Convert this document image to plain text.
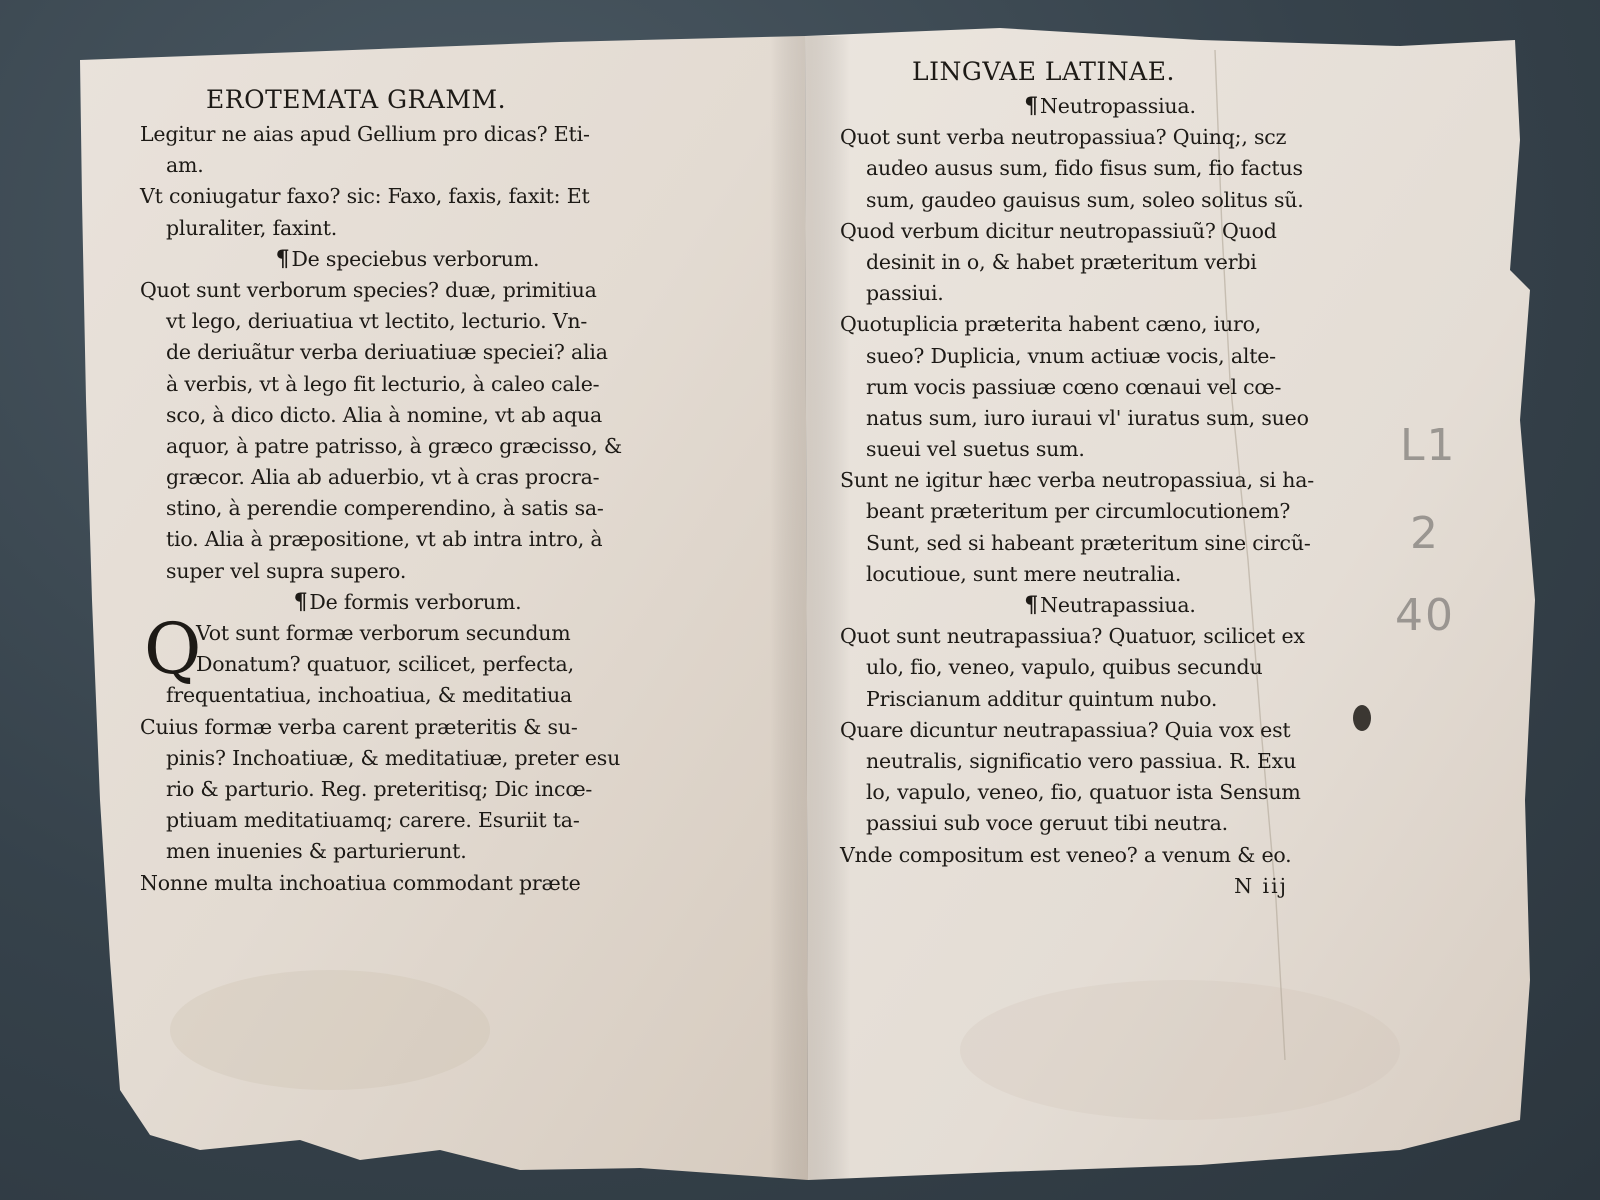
EROTEMATA GRAMM.
Legitur ne aias apud Gellium pro dicas? Eti-
am.
Vt coniugatur faxo? sic: Faxo, faxis, faxit: Et
pluraliter, faxint.
¶De speciebus verborum.
Quot sunt verborum species? duæ, primitiua
vt lego, deriuatiua vt lectito, lecturio. Vn-
de deriuãtur verba deriuatiuæ speciei? alia
à verbis, vt à lego fit lecturio, à caleo cale-
sco, à dico dicto. Alia à nomine, vt ab aqua
aquor, à patre patrisso, à græco græcisso, &
græcor. Alia ab aduerbio, vt à cras procra-
stino, à perendie comperendino, à satis sa-
tio. Alia à præpositione, vt ab intra intro, à
super vel supra supero.
¶De formis verborum.
Q
Vot sunt formæ verborum secundum
Donatum? quatuor, scilicet, perfecta,
frequentatiua, inchoatiua, & meditatiua
Cuius formæ verba carent præteritis & su-
pinis? Inchoatiuæ, & meditatiuæ, preter esu
rio & parturio. Reg. preteritisq; Dic incœ-
ptiuam meditatiuamq; carere. Esuriit ta-
men inuenies & parturierunt.
Nonne multa inchoatiua commodant præte
LINGVAE LATINAE.
¶Neutropassiua.
Quot sunt verba neutropassiua? Quinq;, scz
audeo ausus sum, fido fisus sum, fio factus
sum, gaudeo gauisus sum, soleo solitus sũ.
Quod verbum dicitur neutropassiuũ? Quod
desinit in o, & habet præteritum verbi
passiui.
Quotuplicia præterita habent cæno, iuro,
sueo? Duplicia, vnum actiuæ vocis, alte-
rum vocis passiuæ cœno cœnaui vel cœ-
natus sum, iuro iuraui vl' iuratus sum, sueo
sueui vel suetus sum.
Sunt ne igitur hæc verba neutropassiua, si ha-
beant præteritum per circumlocutionem?
Sunt, sed si habeant præteritum sine circũ-
locutioue, sunt mere neutralia.
¶Neutrapassiua.
Quot sunt neutrapassiua? Quatuor, scilicet ex
ulo, fio, veneo, vapulo, quibus secundu
Priscianum additur quintum nubo.
Quare dicuntur neutrapassiua? Quia vox est
neutralis, significatio vero passiua. R. Exu
lo, vapulo, veneo, fio, quatuor ista Sensum
passiui sub voce geruut tibi neutra.
Vnde compositum est veneo? a venum & eo.
N iij
L1
2
40
